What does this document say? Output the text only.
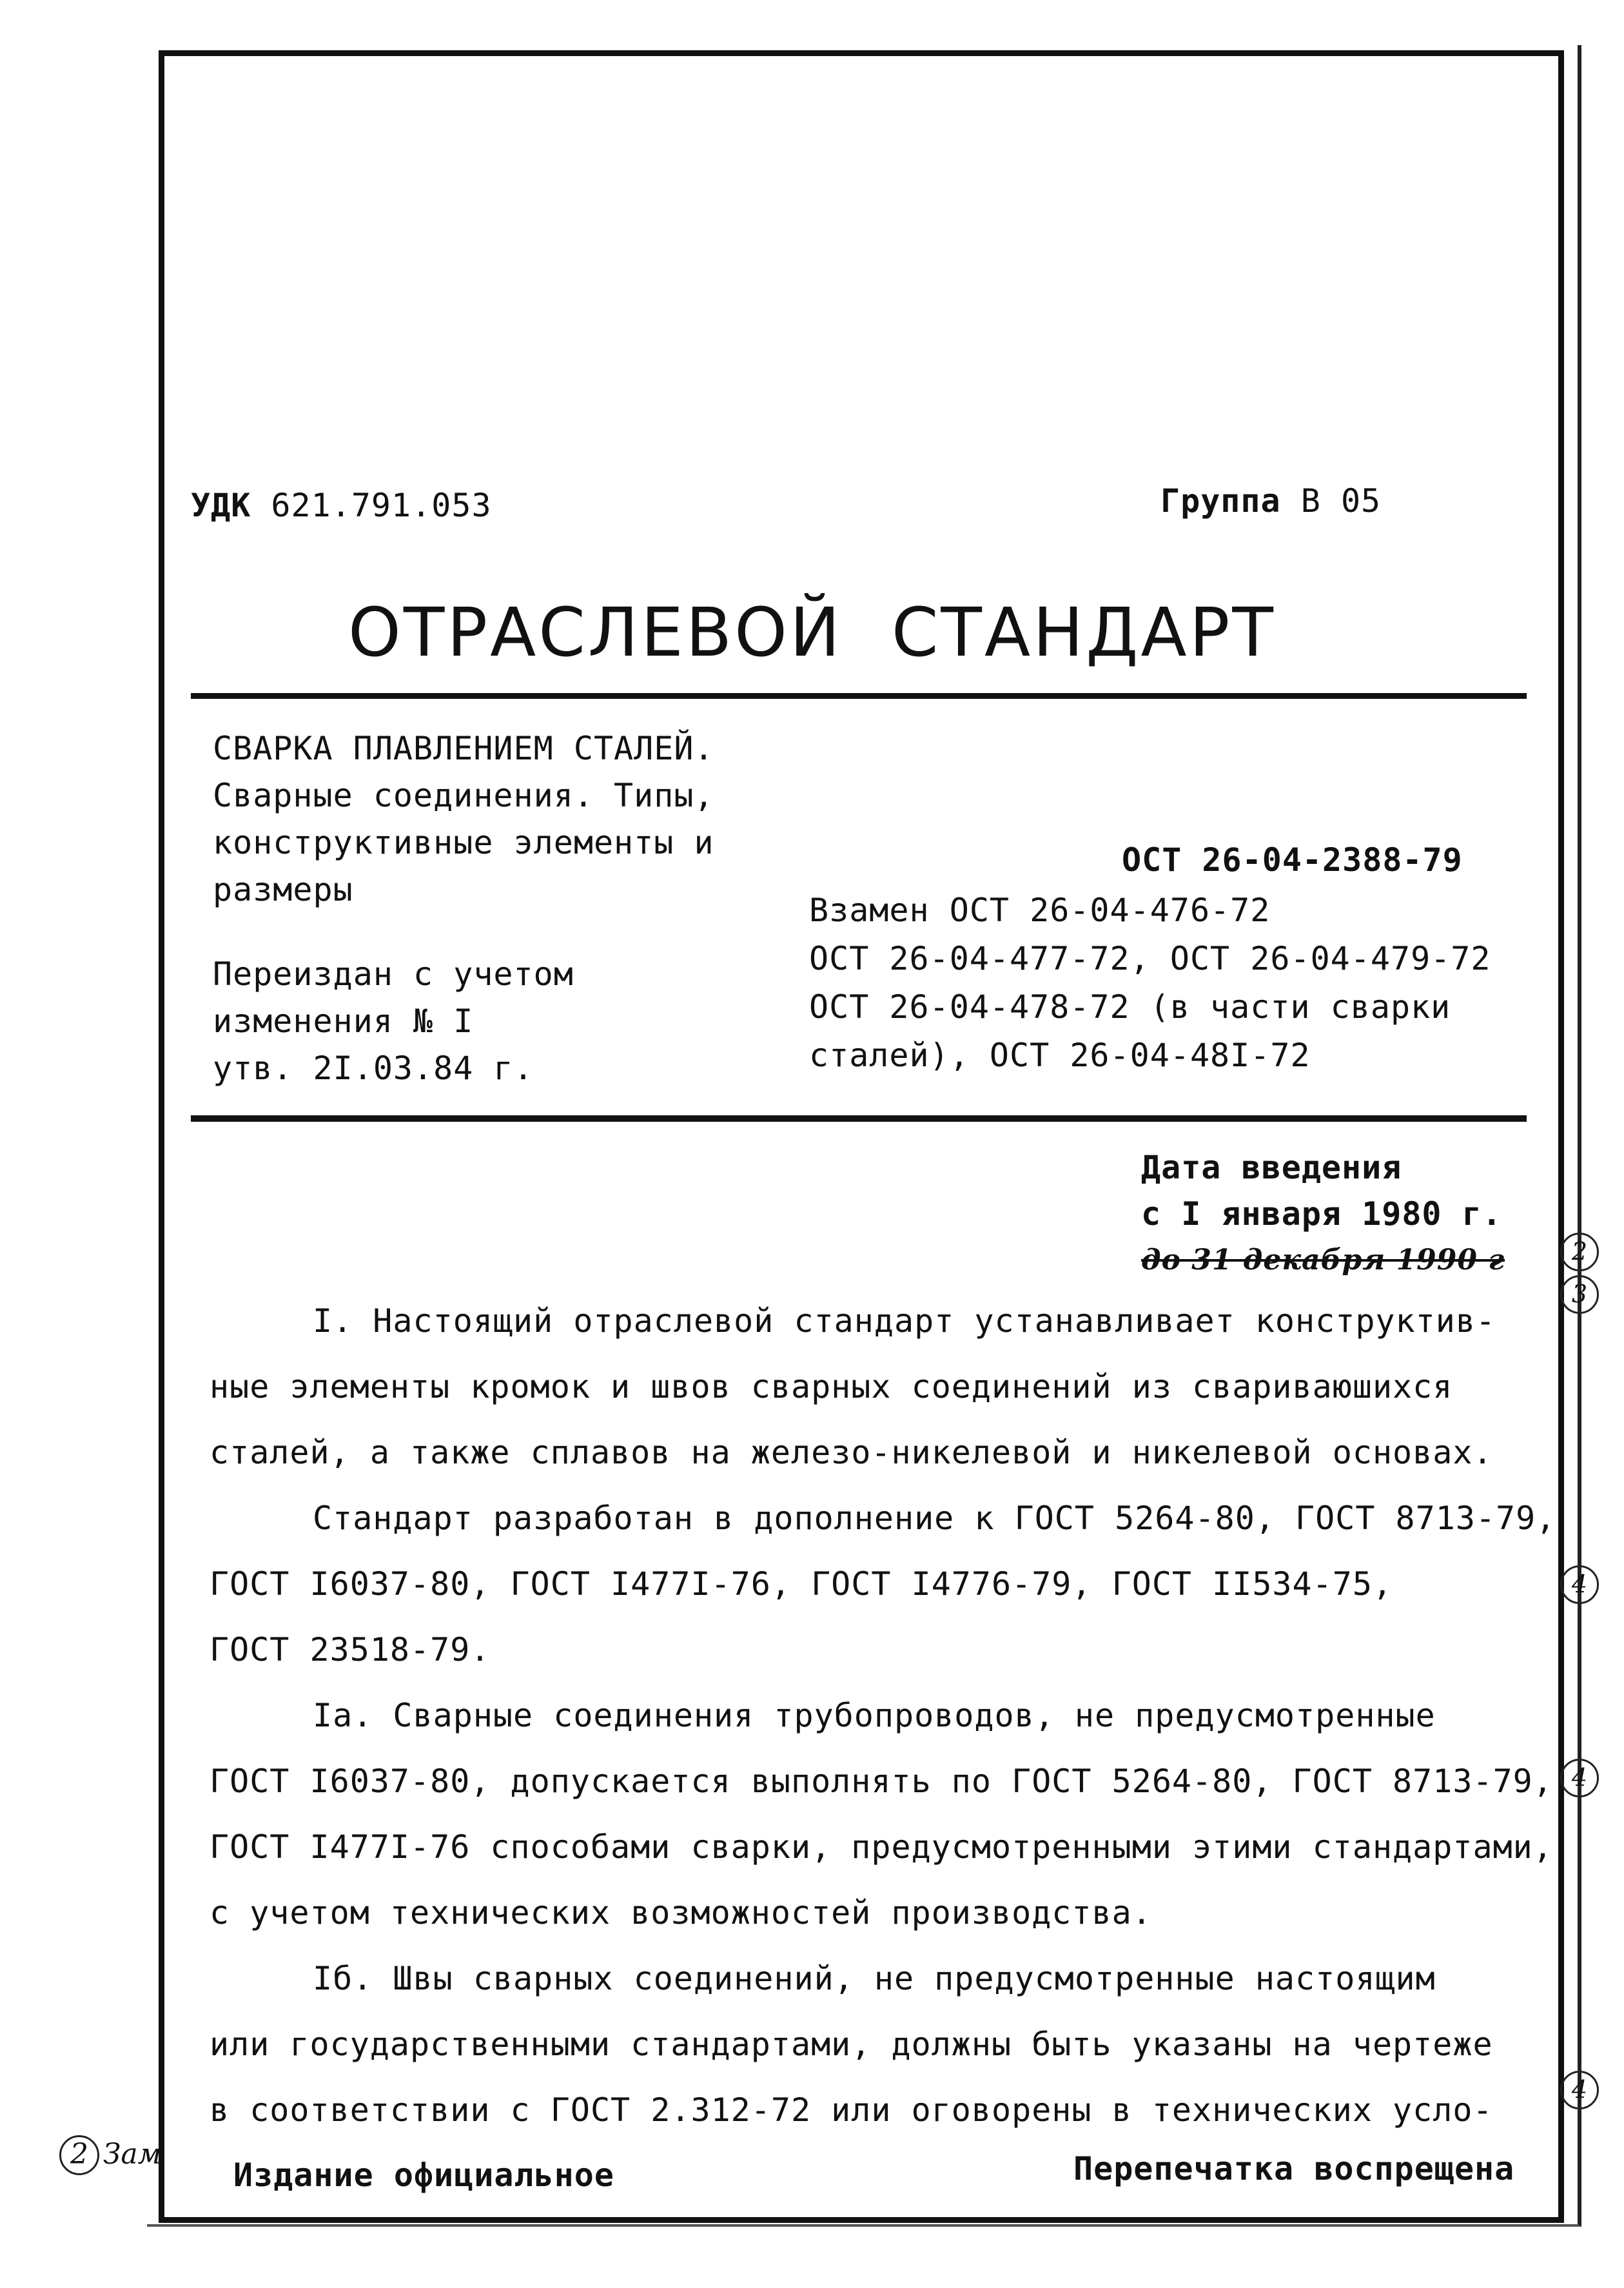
УДК 621.791.053	Группа В 05
ОТРАСЛЕВОЙ СТАНДАРТ
СВАРКА ПЛАВЛЕНИЕМ СТАЛЕЙ.
Сварные соединения. Типы,
конструктивные элементы и
размеры
Переиздан с учетом
изменения № I
утв. 2I.03.84 г.
ОСТ 26-04-2388-79
Взамен ОСТ 26-04-476-72
ОСТ 26-04-477-72, ОСТ 26-04-479-72
ОСТ 26-04-478-72 (в части сварки
сталей), ОСТ 26-04-48I-72
Дата введения
с I января 1980 г.
до 31 декабря 1990 г	2
3
I. Настоящий отраслевой стандарт устанавливает конструктив-
ные элементы кромок и швов сварных соединений из свариваюшихся
сталей, а также сплавов на железо-никелевой и никелевой основах.
Стандарт разработан в дополнение к ГОСТ 5264-80, ГОСТ 8713-79,
ГОСТ I6037-80, ГОСТ I477I-76, ГОСТ I4776-79, ГОСТ II534-75,
ГОСТ 23518-79.
Iа. Сварные соединения трубопроводов, не предусмотренные
ГОСТ I6037-80, допускается выполнять по ГОСТ 5264-80, ГОСТ 8713-79,
ГОСТ I477I-76 способами сварки, предусмотренными этими стандартами,
с учетом технических возможностей производства.
Iб. Швы сварных соединений, не предусмотренные настоящим
или государственными стандартами, должны быть указаны на чертеже
в соответствии с ГОСТ 2.312-72 или оговорены в технических усло-
4
4
4
Издание официальное	Перепечатка воспрещена
2 Зам
